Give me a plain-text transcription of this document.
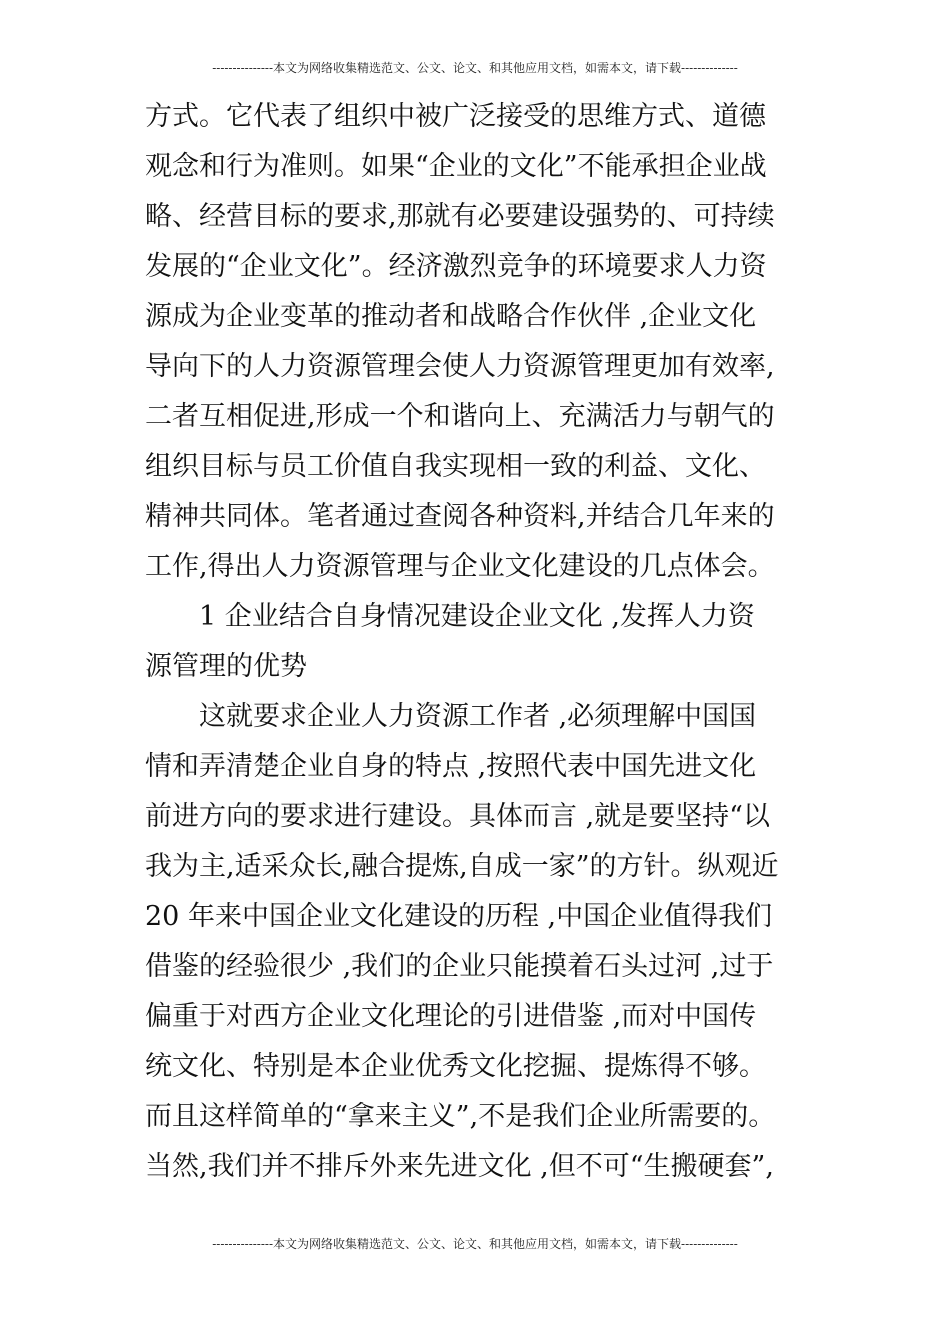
---------------本文为网络收集精选范文、公文、论文、和其他应用文档，如需本文，请下载--------------
方式。它代表了组织中被广泛接受的思维方式、道德
观念和行为准则。如果“企业的文化”不能承担企业战
略、经营目标的要求,那就有必要建设强势的、可持续
发展的“企业文化”。经济激烈竞争的环境要求人力资
源成为企业变革的推动者和战略合作伙伴 ,企业文化
导向下的人力资源管理会使人力资源管理更加有效率,
二者互相促进,形成一个和谐向上、充满活力与朝气的
组织目标与员工价值自我实现相一致的利益、文化、
精神共同体。笔者通过查阅各种资料,并结合几年来的
工作,得出人力资源管理与企业文化建设的几点体会。
1 企业结合自身情况建设企业文化 ,发挥人力资
源管理的优势
这就要求企业人力资源工作者 ,必须理解中国国
情和弄清楚企业自身的特点 ,按照代表中国先进文化
前进方向的要求进行建设。具体而言 ,就是要坚持“以
我为主,适采众长,融合提炼,自成一家”的方针。纵观近
20 年来中国企业文化建设的历程 ,中国企业值得我们
借鉴的经验很少 ,我们的企业只能摸着石头过河 ,过于
偏重于对西方企业文化理论的引进借鉴 ,而对中国传
统文化、特别是本企业优秀文化挖掘、提炼得不够。
而且这样简单的“拿来主义”,不是我们企业所需要的。
当然,我们并不排斥外来先进文化 ,但不可“生搬硬套”,
---------------本文为网络收集精选范文、公文、论文、和其他应用文档，如需本文，请下载--------------
